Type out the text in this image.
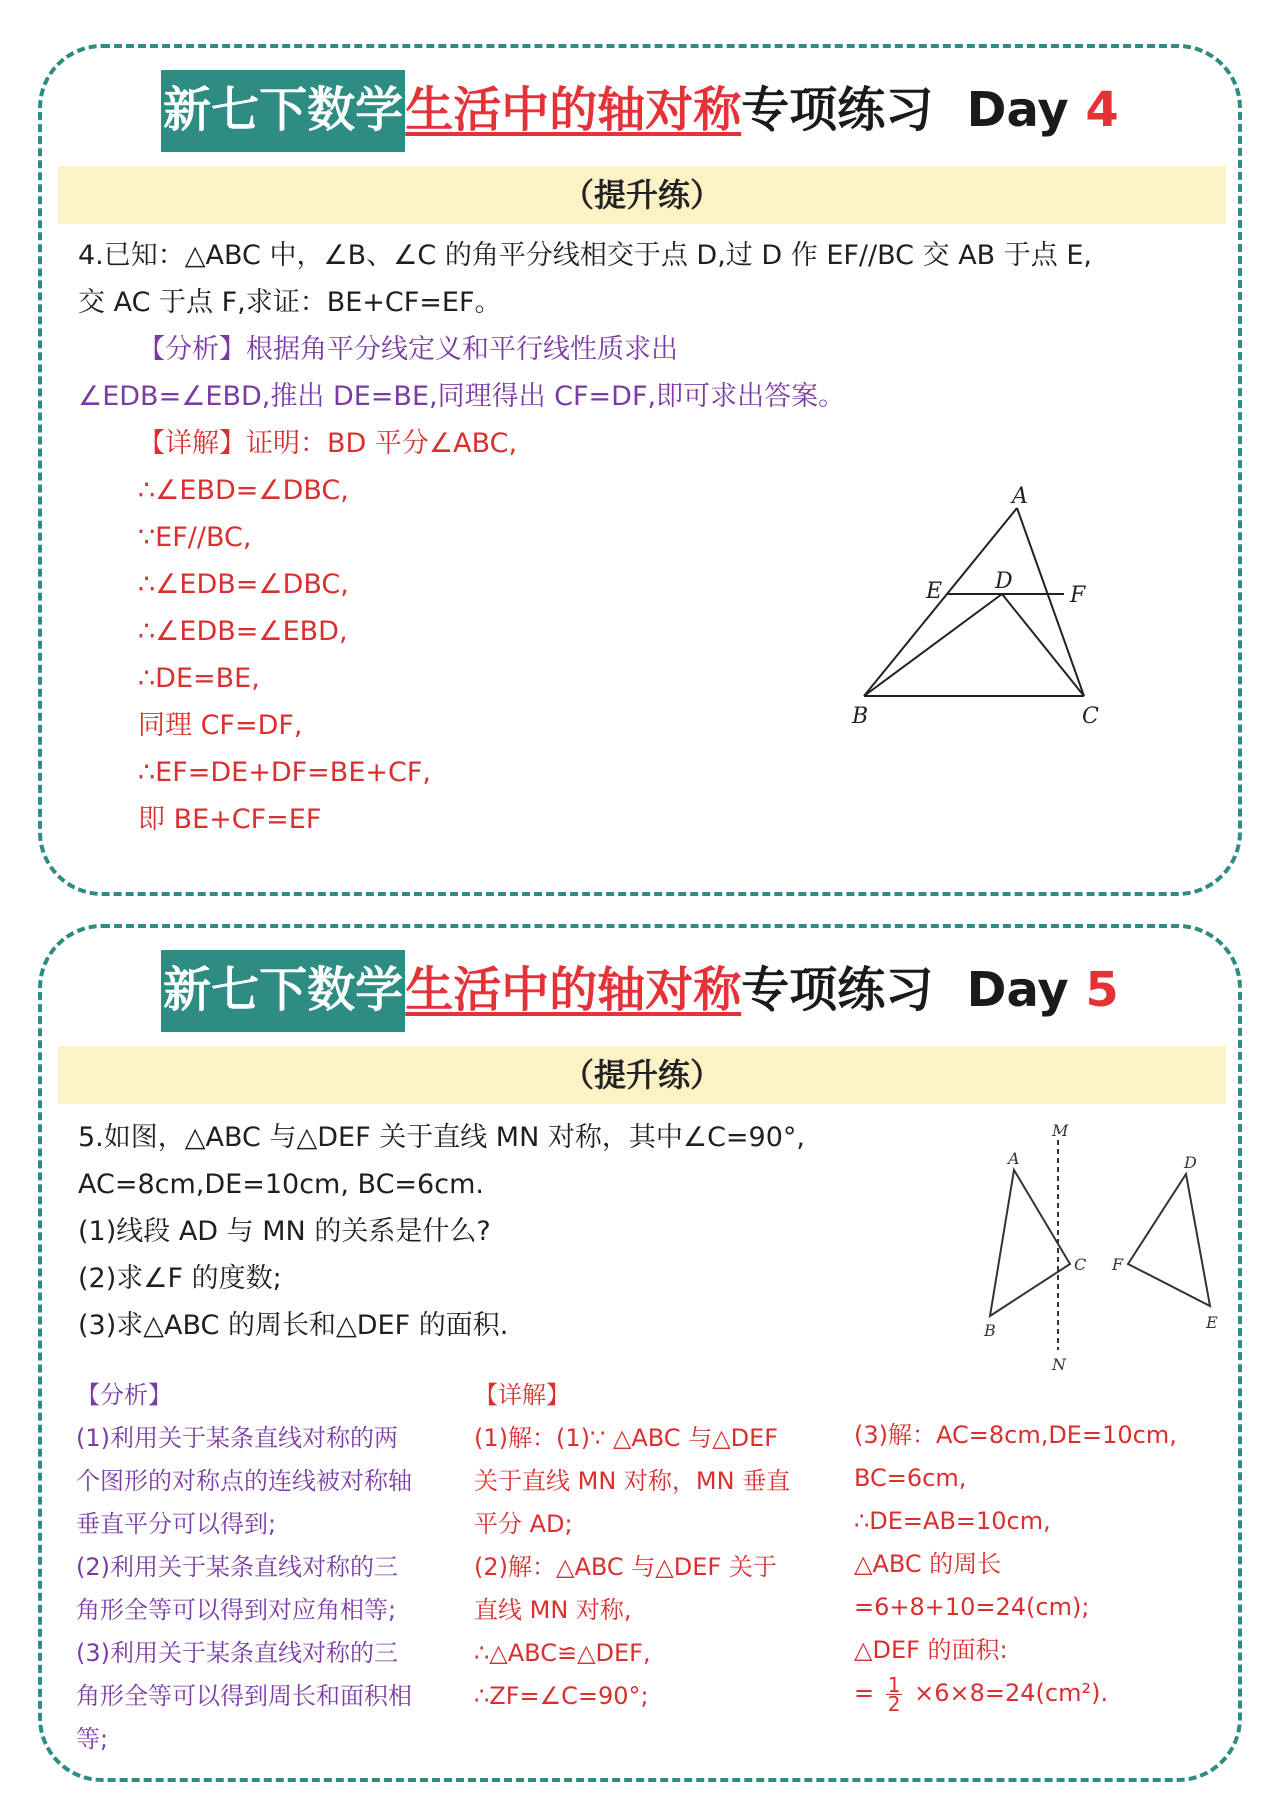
新七下数学生活中的轴对称专项练习 Day 4
（提升练）
4.已知：△ABC 中，∠B、∠C 的角平分线相交于点 D,过 D 作 EF//BC 交 AB 于点 E,
交 AC 于点 F,求证：BE+CF=EF。
【分析】根据角平分线定义和平行线性质求出
∠EDB=∠EBD,推出 DE=BE,同理得出 CF=DF,即可求出答案。
【详解】证明：BD 平分∠ABC,
∴∠EBD=∠DBC,
∵EF//BC,
∴∠EDB=∠DBC,
∴∠EDB=∠EBD,
∴DE=BE,
同理 CF=DF,
∴EF=DE+DF=BE+CF,
即 BE+CF=EF
A
B	C
D
E	F
新七下数学生活中的轴对称专项练习 Day 5
（提升练）
5.如图，△ABC 与△DEF 关于直线 MN 对称，其中∠C=90°,
AC=8cm,DE=10cm, BC=6cm.
(1)线段 AD 与 MN 的关系是什么?
(2)求∠F 的度数;
(3)求△ABC 的周长和△DEF 的面积.
M
N
A
B
C
D
E
F
【分析】
(1)利用关于某条直线对称的两
个图形的对称点的连线被对称轴
垂直平分可以得到;
(2)利用关于某条直线对称的三
角形全等可以得到对应角相等;
(3)利用关于某条直线对称的三
角形全等可以得到周长和面积相
等;
【详解】
(1)解：(1)∵ △ABC 与△DEF
关于直线 MN 对称，MN 垂直
平分 AD;
(2)解：△ABC 与△DEF 关于
直线 MN 对称,
∴△ABC≌△DEF,
∴ZF=∠C=90°;
(3)解：AC=8cm,DE=10cm,
BC=6cm,
∴DE=AB=10cm,
△ABC 的周长
=6+8+10=24(cm);
△DEF 的面积:
= $\frac{1}{2} \times 6\times 8=24(cm^2)$.
